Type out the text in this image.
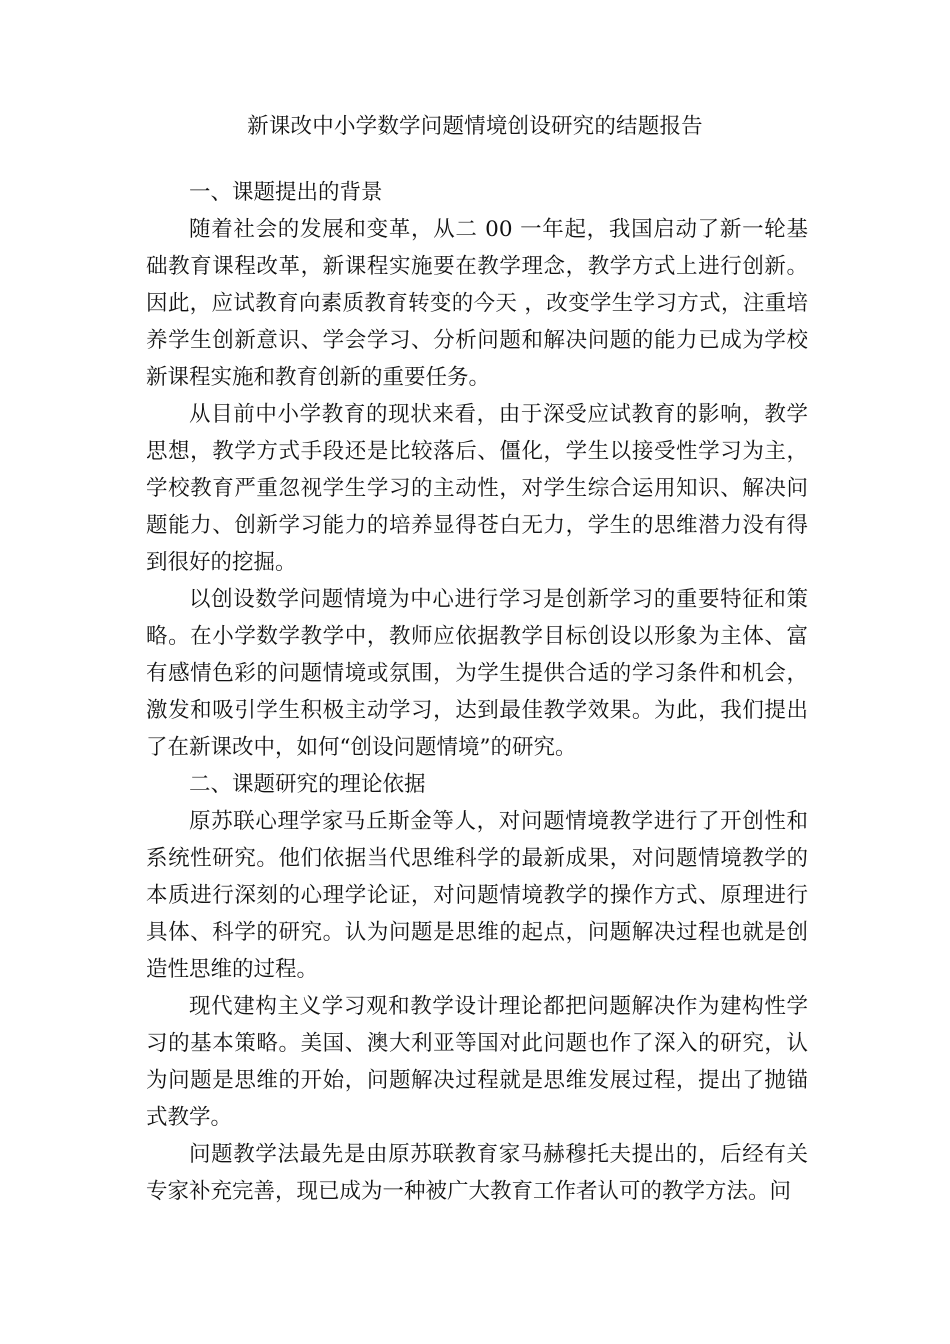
新课改中小学数学问题情境创设研究的结题报告

一、课题提出的背景

随着社会的发展和变革，从二 00 一年起，我国启动了新一轮基础教育课程改革，新课程实施要在教学理念，教学方式上进行创新。因此，应试教育向素质教育转变的今天 ，改变学生学习方式，注重培养学生创新意识、学会学习、分析问题和解决问题的能力已成为学校新课程实施和教育创新的重要任务。

从目前中小学教育的现状来看，由于深受应试教育的影响，教学思想，教学方式手段还是比较落后、僵化，学生以接受性学习为主，学校教育严重忽视学生学习的主动性，对学生综合运用知识、解决问题能力、创新学习能力的培养显得苍白无力，学生的思维潜力没有得到很好的挖掘。

以创设数学问题情境为中心进行学习是创新学习的重要特征和策略。在小学数学教学中，教师应依据教学目标创设以形象为主体、富有感情色彩的问题情境或氛围，为学生提供合适的学习条件和机会，激发和吸引学生积极主动学习，达到最佳教学效果。为此，我们提出了在新课改中，如何“创设问题情境”的研究。

二、课题研究的理论依据

原苏联心理学家马丘斯金等人，对问题情境教学进行了开创性和系统性研究。他们依据当代思维科学的最新成果，对问题情境教学的本质进行深刻的心理学论证，对问题情境教学的操作方式、原理进行具体、科学的研究。认为问题是思维的起点，问题解决过程也就是创造性思维的过程。

现代建构主义学习观和教学设计理论都把问题解决作为建构性学习的基本策略。美国、澳大利亚等国对此问题也作了深入的研究，认为问题是思维的开始，问题解决过程就是思维发展过程，提出了抛锚式教学。

问题教学法最先是由原苏联教育家马赫穆托夫提出的，后经有关专家补充完善，现已成为一种被广大教育工作者认可的教学方法。问
